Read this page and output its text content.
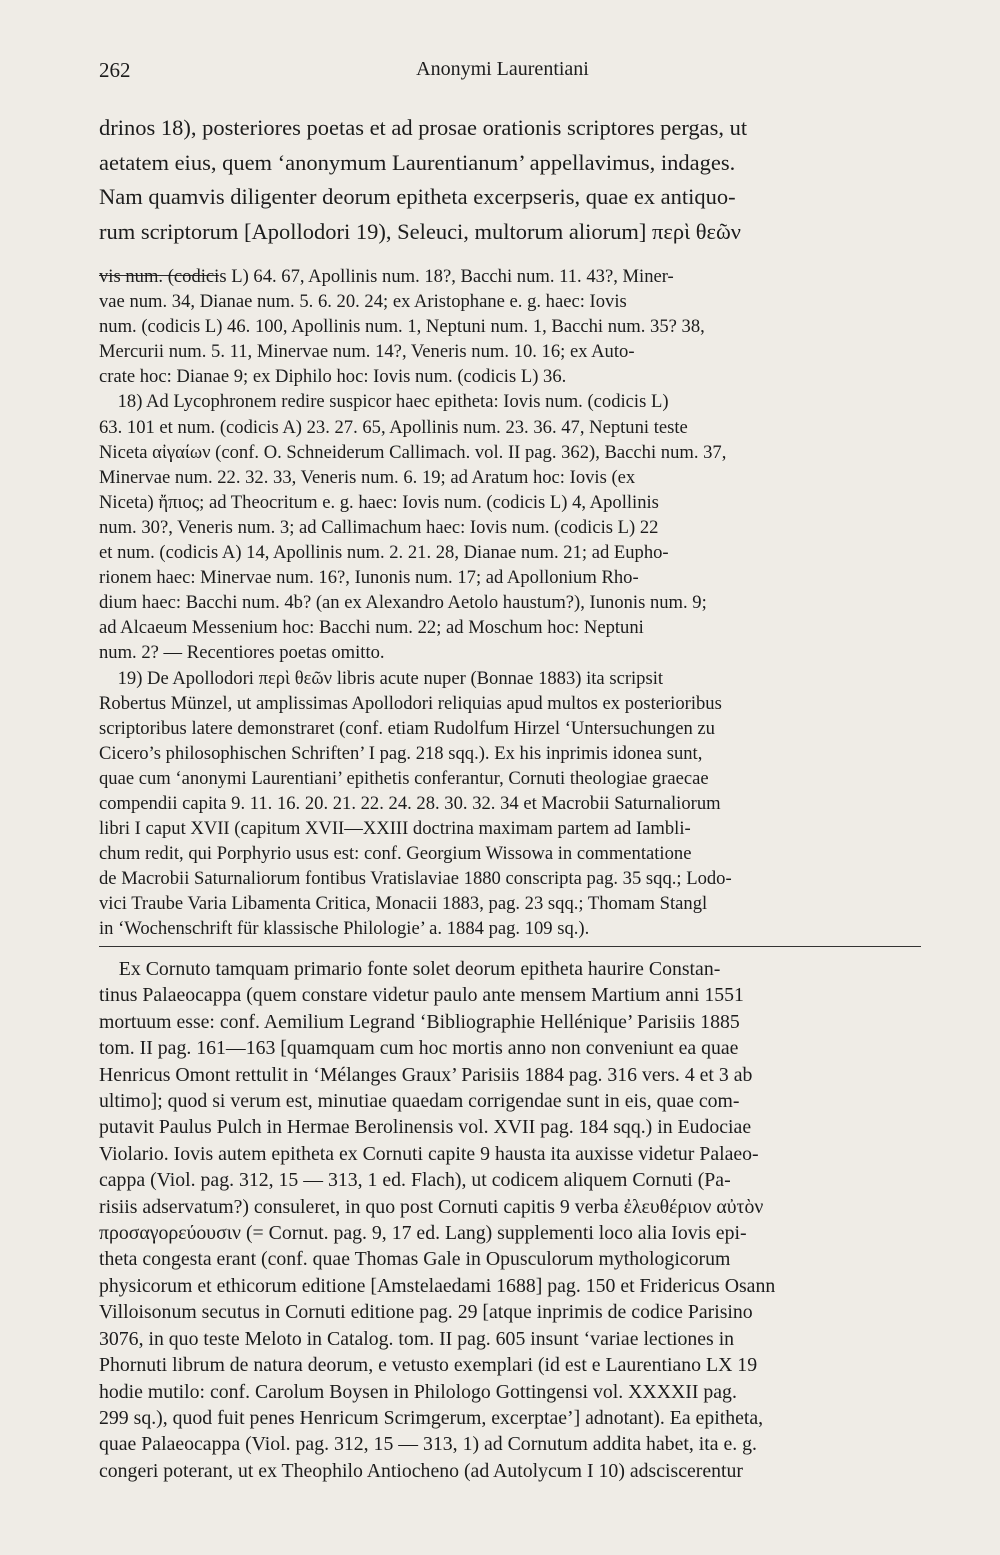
262	Anonymi Laurentiani
drinos 18), posteriores poetas et ad prosae orationis scriptores pergas, ut
aetatem eius, quem ‘anonymum Laurentianum’ appellavimus, indages.
Nam quamvis diligenter deorum epitheta excerpseris, quae ex antiquo-
rum scriptorum [Apollodori 19), Seleuci, multorum aliorum] περὶ θεῶν
vis num. (codicis L) 64. 67, Apollinis num. 18?, Bacchi num. 11. 43?, Miner-
vae num. 34, Dianae num. 5. 6. 20. 24; ex Aristophane e. g. haec: Iovis
num. (codicis L) 46. 100, Apollinis num. 1, Neptuni num. 1, Bacchi num. 35? 38,
Mercurii num. 5. 11, Minervae num. 14?, Veneris num. 10. 16; ex Auto-
crate hoc: Dianae 9; ex Diphilo hoc: Iovis num. (codicis L) 36.
18) Ad Lycophronem redire suspicor haec epitheta: Iovis num. (codicis L)
63. 101 et num. (codicis A) 23. 27. 65, Apollinis num. 23. 36. 47, Neptuni teste
Niceta αἰγαίων (conf. O. Schneiderum Callimach. vol. II pag. 362), Bacchi num. 37,
Minervae num. 22. 32. 33, Veneris num. 6. 19; ad Aratum hoc: Iovis (ex
Niceta) ἤπιος; ad Theocritum e. g. haec: Iovis num. (codicis L) 4, Apollinis
num. 30?, Veneris num. 3; ad Callimachum haec: Iovis num. (codicis L) 22
et num. (codicis A) 14, Apollinis num. 2. 21. 28, Dianae num. 21; ad Eupho-
rionem haec: Minervae num. 16?, Iunonis num. 17; ad Apollonium Rho-
dium haec: Bacchi num. 4b? (an ex Alexandro Aetolo haustum?), Iunonis num. 9;
ad Alcaeum Messenium hoc: Bacchi num. 22; ad Moschum hoc: Neptuni
num. 2? — Recentiores poetas omitto.
19) De Apollodori περὶ θεῶν libris acute nuper (Bonnae 1883) ita scripsit
Robertus Münzel, ut amplissimas Apollodori reliquias apud multos ex posterioribus
scriptoribus latere demonstraret (conf. etiam Rudolfum Hirzel ‘Untersuchungen zu
Cicero’s philosophischen Schriften’ I pag. 218 sqq.). Ex his inprimis idonea sunt,
quae cum ‘anonymi Laurentiani’ epithetis conferantur, Cornuti theologiae graecae
compendii capita 9. 11. 16. 20. 21. 22. 24. 28. 30. 32. 34 et Macrobii Saturnaliorum
libri I caput XVII (capitum XVII—XXIII doctrina maximam partem ad Iambli-
chum redit, qui Porphyrio usus est: conf. Georgium Wissowa in commentatione
de Macrobii Saturnaliorum fontibus Vratislaviae 1880 conscripta pag. 35 sqq.; Lodo-
vici Traube Varia Libamenta Critica, Monacii 1883, pag. 23 sqq.; Thomam Stangl
in ‘Wochenschrift für klassische Philologie’ a. 1884 pag. 109 sq.).
Ex Cornuto tamquam primario fonte solet deorum epitheta haurire Constan-
tinus Palaeocappa (quem constare videtur paulo ante mensem Martium anni 1551
mortuum esse: conf. Aemilium Legrand ‘Bibliographie Hellénique’ Parisiis 1885
tom. II pag. 161—163 [quamquam cum hoc mortis anno non conveniunt ea quae
Henricus Omont rettulit in ‘Mélanges Graux’ Parisiis 1884 pag. 316 vers. 4 et 3 ab
ultimo]; quod si verum est, minutiae quaedam corrigendae sunt in eis, quae com-
putavit Paulus Pulch in Hermae Berolinensis vol. XVII pag. 184 sqq.) in Eudociae
Violario. Iovis autem epitheta ex Cornuti capite 9 hausta ita auxisse videtur Palaeo-
cappa (Viol. pag. 312, 15 — 313, 1 ed. Flach), ut codicem aliquem Cornuti (Pa-
risiis adservatum?) consuleret, in quo post Cornuti capitis 9 verba ἐλευθέριον αὐτὸν
προσαγορεύουσιν (= Cornut. pag. 9, 17 ed. Lang) supplementi loco alia Iovis epi-
theta congesta erant (conf. quae Thomas Gale in Opusculorum mythologicorum
physicorum et ethicorum editione [Amstelaedami 1688] pag. 150 et Fridericus Osann
Villoisonum secutus in Cornuti editione pag. 29 [atque inprimis de codice Parisino
3076, in quo teste Meloto in Catalog. tom. II pag. 605 insunt ‘variae lectiones in
Phornuti librum de natura deorum, e vetusto exemplari (id est e Laurentiano LX 19
hodie mutilo: conf. Carolum Boysen in Philologo Gottingensi vol. XXXXII pag.
299 sq.), quod fuit penes Henricum Scrimgerum, excerptae’] adnotant). Ea epitheta,
quae Palaeocappa (Viol. pag. 312, 15 — 313, 1) ad Cornutum addita habet, ita e. g.
congeri poterant, ut ex Theophilo Antiocheno (ad Autolycum I 10) adsciscerentur
